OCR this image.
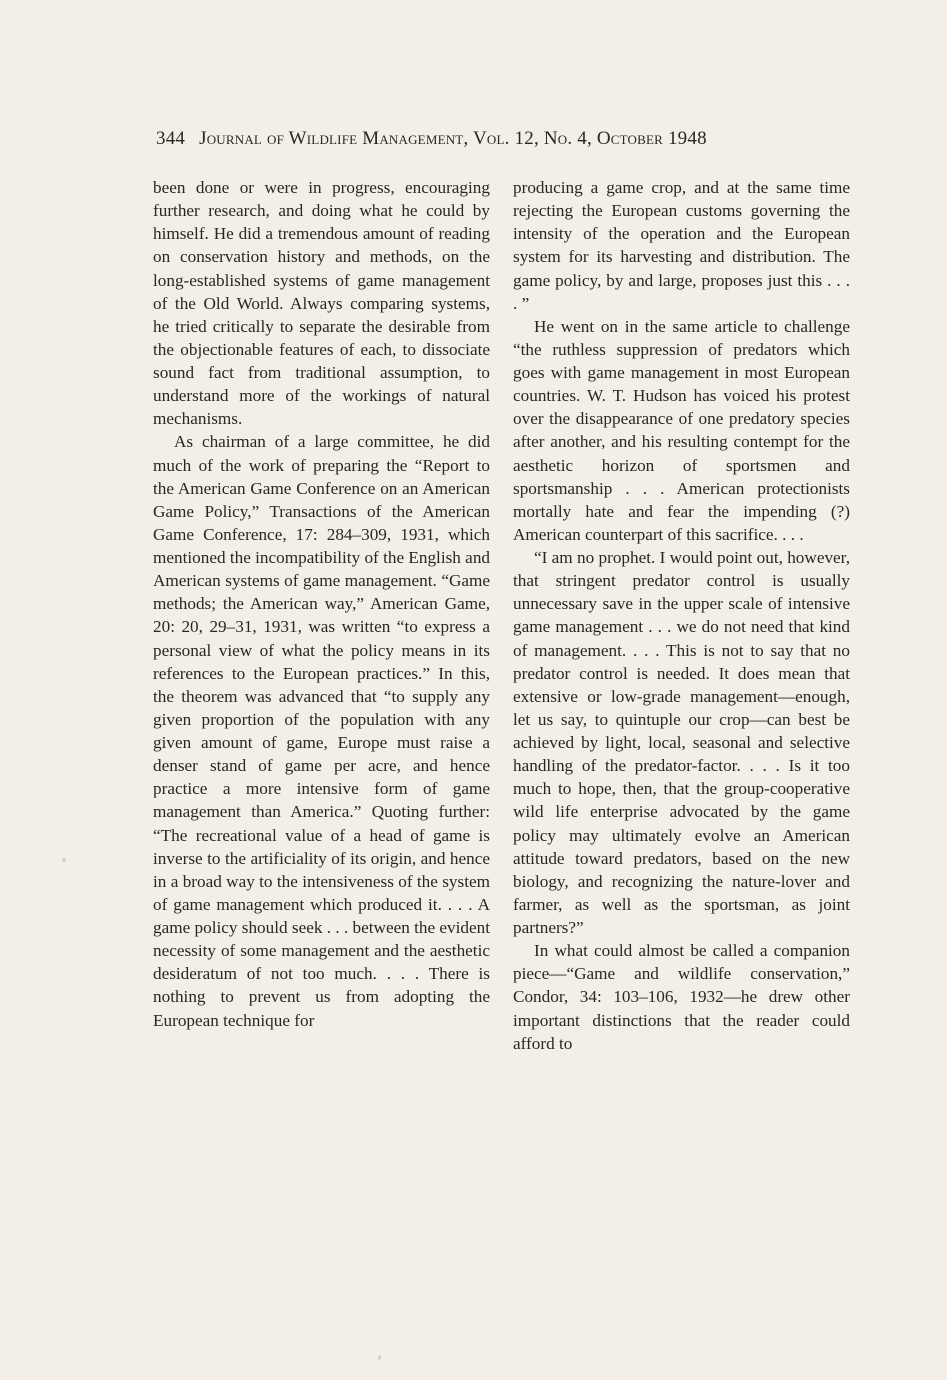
344 Journal of Wildlife Management, Vol. 12, No. 4, October 1948

been done or were in progress, encouraging further research, and doing what he could by himself. He did a tremendous amount of reading on conservation history and methods, on the long-established systems of game management of the Old World. Always comparing systems, he tried critically to separate the desirable from the objectionable features of each, to dissociate sound fact from traditional assumption, to understand more of the workings of natural mechanisms.

As chairman of a large committee, he did much of the work of preparing the “Report to the American Game Conference on an American Game Policy,” Transactions of the American Game Conference, 17: 284–309, 1931, which mentioned the incompatibility of the English and American systems of game management. “Game methods; the American way,” American Game, 20: 20, 29–31, 1931, was written “to express a personal view of what the policy means in its references to the European practices.” In this, the theorem was advanced that “to supply any given proportion of the population with any given amount of game, Europe must raise a denser stand of game per acre, and hence practice a more intensive form of game management than America.” Quoting further: “The recreational value of a head of game is inverse to the artificiality of its origin, and hence in a broad way to the intensiveness of the system of game management which produced it. . . . A game policy should seek . . . between the evident necessity of some management and the aesthetic desideratum of not too much. . . . There is nothing to prevent us from adopting the European technique for

producing a game crop, and at the same time rejecting the European customs governing the intensity of the operation and the European system for its harvesting and distribution. The game policy, by and large, proposes just this . . . . ”

He went on in the same article to challenge “the ruthless suppression of predators which goes with game management in most European countries. W. T. Hudson has voiced his protest over the disappearance of one predatory species after another, and his resulting contempt for the aesthetic horizon of sportsmen and sportsmanship . . . American protectionists mortally hate and fear the impending (?) American counterpart of this sacrifice. . . .

“I am no prophet. I would point out, however, that stringent predator control is usually unnecessary save in the upper scale of intensive game management . . . we do not need that kind of management. . . . This is not to say that no predator control is needed. It does mean that extensive or low-grade management—enough, let us say, to quintuple our crop—can best be achieved by light, local, seasonal and selective handling of the predator-factor. . . . Is it too much to hope, then, that the group-cooperative wild life enterprise advocated by the game policy may ultimately evolve an American attitude toward predators, based on the new biology, and recognizing the nature-lover and farmer, as well as the sportsman, as joint partners?”

In what could almost be called a companion piece—“Game and wildlife conservation,” Condor, 34: 103–106, 1932—he drew other important distinctions that the reader could afford to
